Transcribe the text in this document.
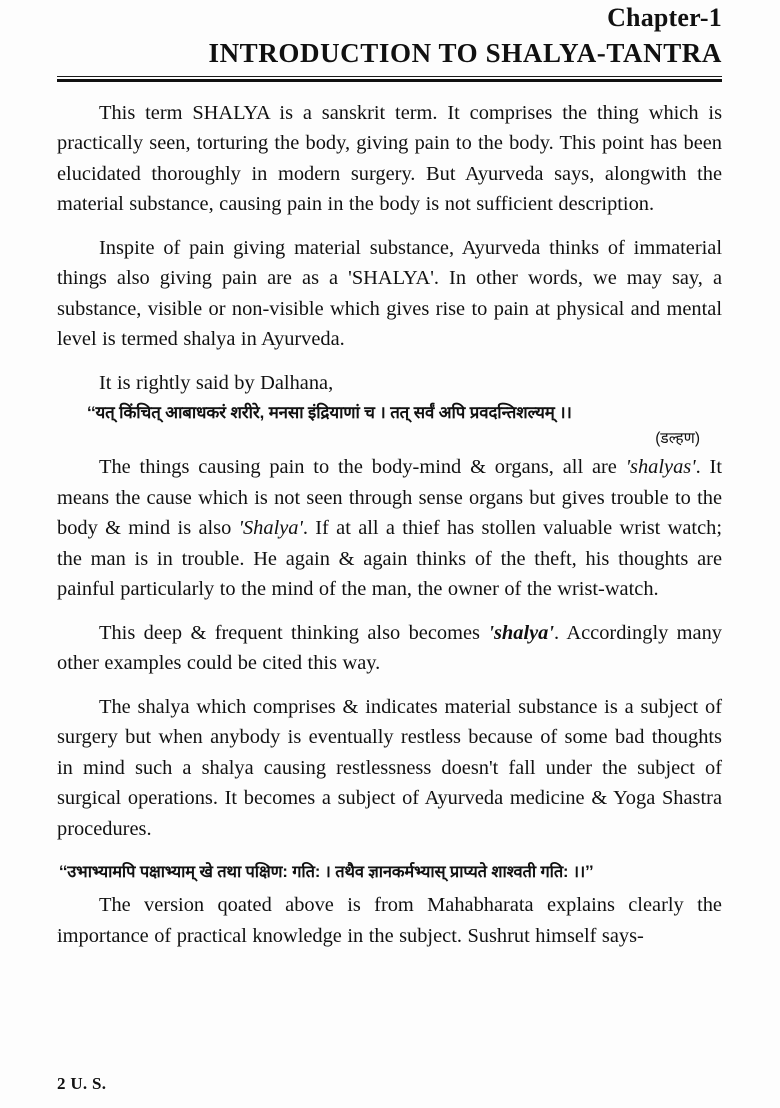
Chapter-1
INTRODUCTION TO SHALYA-TANTRA

This term SHALYA is a sanskrit term. It comprises the thing which is practically seen, torturing the body, giving pain to the body. This point has been elucidated thoroughly in modern surgery. But Ayurveda says, alongwith the material substance, causing pain in the body is not sufficient description.

Inspite of pain giving material substance, Ayurveda thinks of immaterial things also giving pain are as a 'SHALYA'. In other words, we may say, a substance, visible or non-visible which gives rise to pain at physical and mental level is termed shalya in Ayurveda.

It is rightly said by Dalhana,

‘‘यत् किंचित् आबाधकरं शरीरे, मनसा इंद्रियाणां च । तत् सर्वं अपि प्रवदन्तिशल्यम् ।।

(डल्हण)

The things causing pain to the body-mind & organs, all are 'shalyas'. It means the cause which is not seen through sense organs but gives trouble to the body & mind is also 'Shalya'. If at all a thief has stollen valuable wrist watch; the man is in trouble. He again & again thinks of the theft, his thoughts are painful particularly to the mind of the man, the owner of the wrist-watch.

This deep & frequent thinking also becomes 'shalya'. Accordingly many other examples could be cited this way.

The shalya which comprises & indicates material substance is a subject of surgery but when anybody is eventually restless because of some bad thoughts in mind such a shalya causing restlessness doesn't fall under the subject of surgical operations. It becomes a subject of Ayurveda medicine & Yoga Shastra procedures.

‘‘उभाभ्यामपि पक्षाभ्याम् खे तथा पक्षिण: गति: । तथैव ज्ञानकर्मभ्यास् प्राप्यते शाश्वती गति: ।।’’

The version qoated above is from Mahabharata explains clearly the importance of practical knowledge in the subject. Sushrut himself says-

2 U. S.
